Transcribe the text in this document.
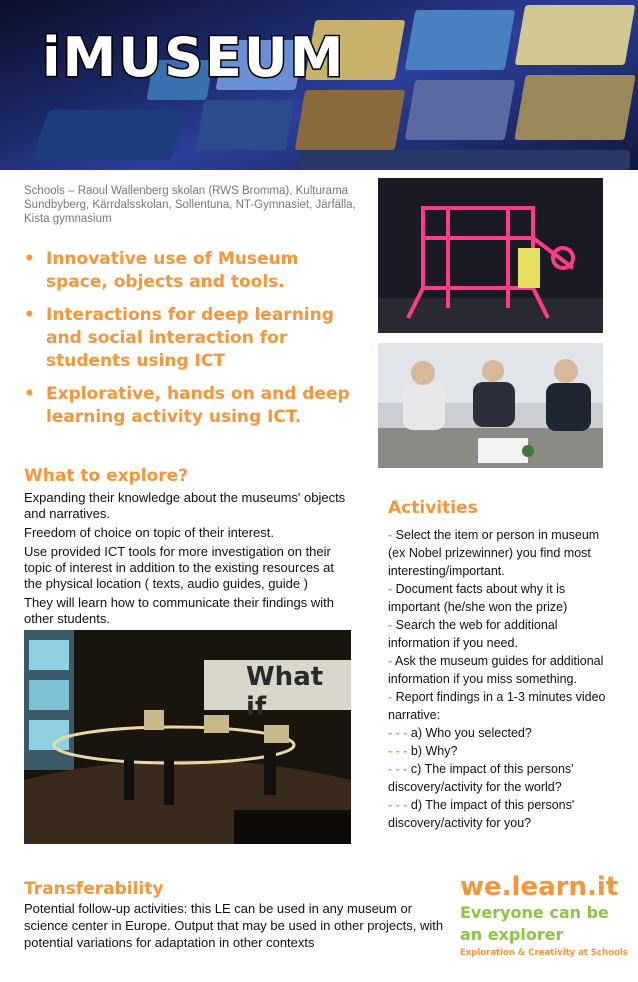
iMUSEUM
Schools – Raoul Wallenberg skolan (RWS Bromma), Kulturama Sundbyberg, Kärrdalsskolan, Sollentuna, NT-Gymnasiet, Järfälla, Kista gymnasium
• Innovative use of Museum space, objects and tools.
• Interactions for deep learning and social interaction for students using ICT
• Explorative, hands on and deep learning activity using ICT.
What to explore?

Expanding their knowledge about the museums' objects and narratives.

Freedom of choice on topic of their interest.

Use provided ICT tools for more investigation on their topic of interest in addition to the existing resources at the physical location ( texts, audio guides, guide )

They will learn how to communicate their findings with other students.

What if
Activities

- Select the item or person in museum (ex Nobel prizewinner) you find most interesting/important.

- Document facts about why it is important (he/she won the prize)

- Search the web for additional information if you need.

- Ask the museum guides for additional information if you miss something.

- Report findings in a 1-3 minutes video narrative:

- - - a) Who you selected?

- - - b) Why?

- - - c) The impact of this persons' discovery/activity for the world?

- - - d) The impact of this persons' discovery/activity for you?

Transferability
Potential follow-up activities: this LE can be used in any museum or science center in Europe. Output that may be used in other projects, with potential variations for adaptation in other contexts
we.learn.it
Everyone can be an explorer
Exploration & Creativity at Schools
